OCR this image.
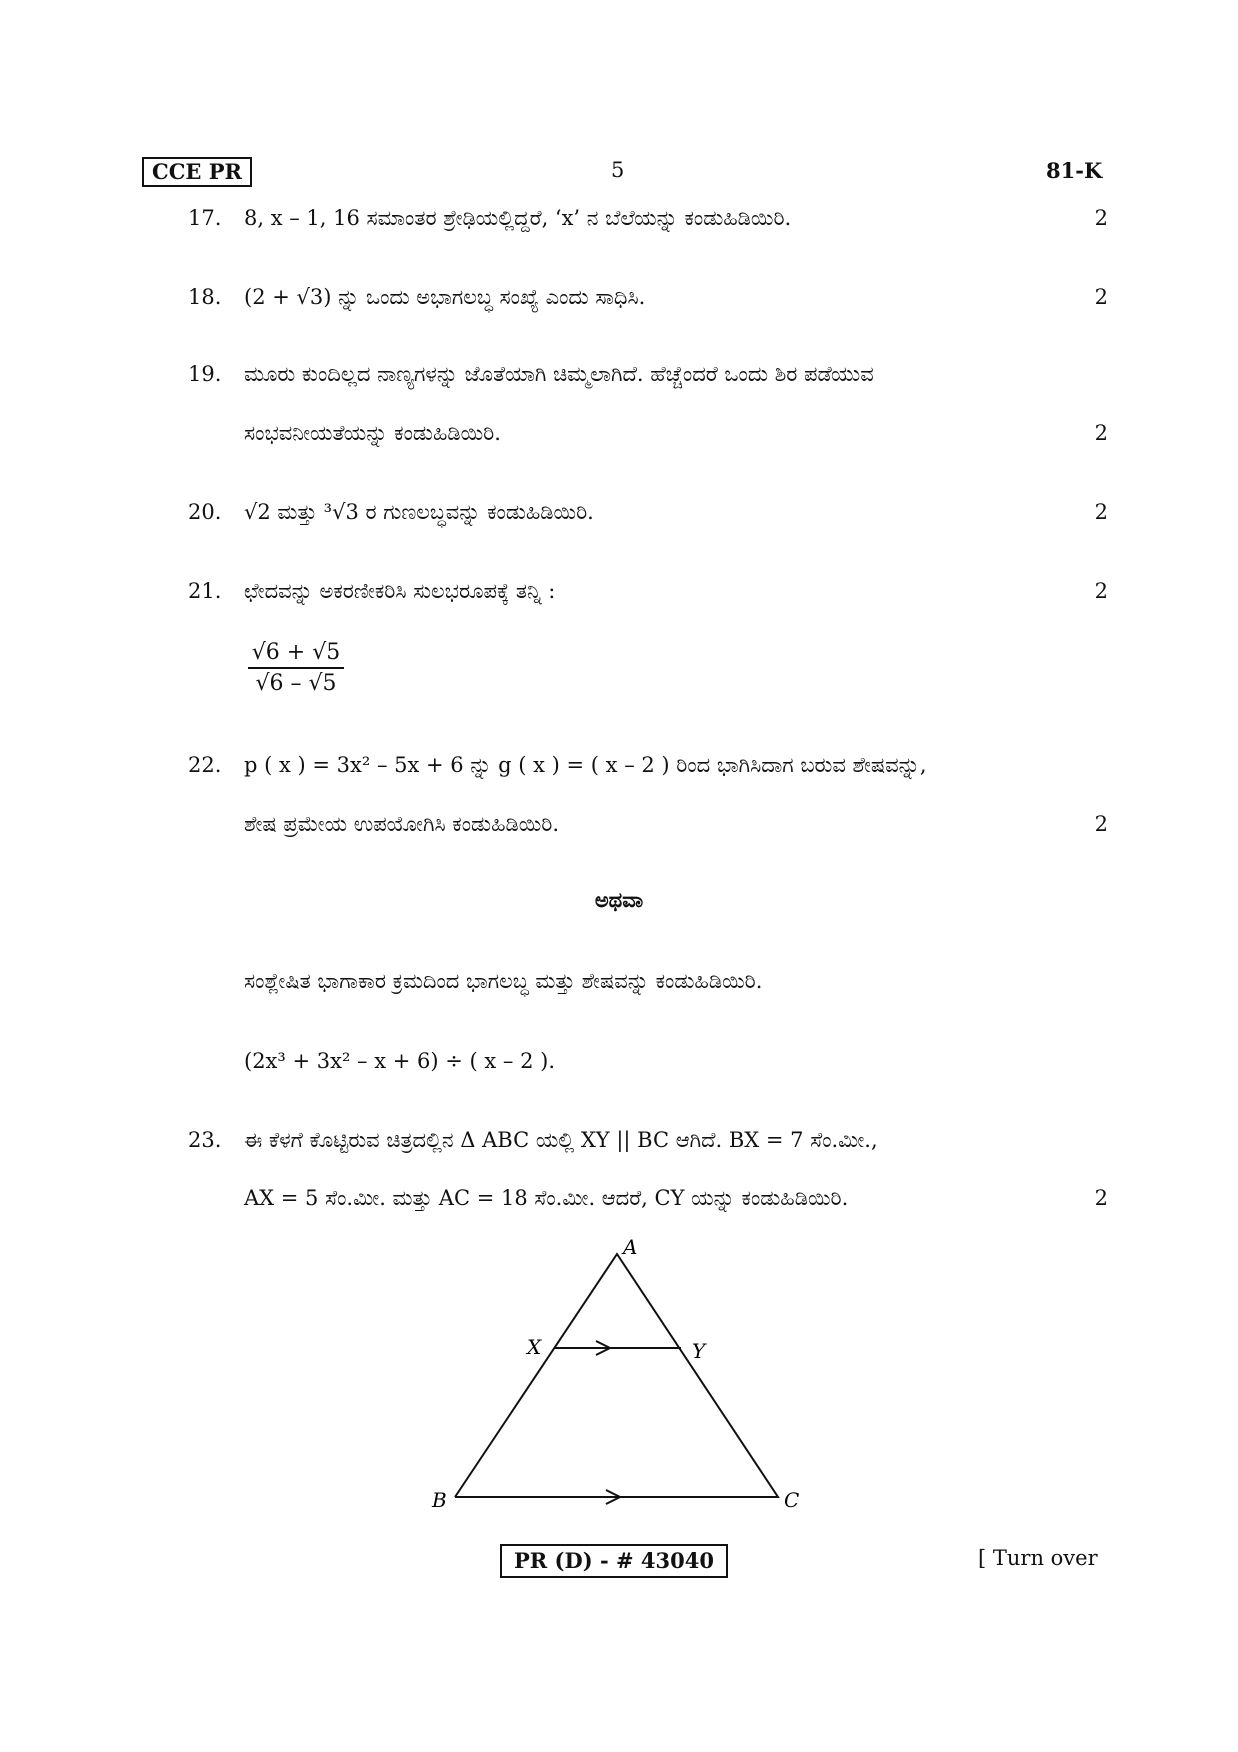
CCE PR	5	81-K
17. 8, x – 1, 16 ಸಮಾಂತರ ಶ್ರೇಢಿಯಲ್ಲಿದ್ದರೆ, ‘x’ ನ ಬೆಲೆಯನ್ನು ಕಂಡುಹಿಡಿಯಿರಿ.	2
18. (2 + √3) ನ್ನು ಒಂದು ಅಭಾಗಲಬ್ಧ ಸಂಖ್ಯೆ ಎಂದು ಸಾಧಿಸಿ.	2
19. ಮೂರು ಕುಂದಿಲ್ಲದ ನಾಣ್ಯಗಳನ್ನು ಜೊತೆಯಾಗಿ ಚಿಮ್ಮಲಾಗಿದೆ. ಹೆಚ್ಚೆಂದರೆ ಒಂದು ಶಿರ ಪಡೆಯುವ
ಸಂಭವನೀಯತೆಯನ್ನು ಕಂಡುಹಿಡಿಯಿರಿ.	2
20. √2 ಮತ್ತು ³√3 ರ ಗುಣಲಬ್ಧವನ್ನು ಕಂಡುಹಿಡಿಯಿರಿ.	2
21. ಛೇದವನ್ನು ಅಕರಣೀಕರಿಸಿ ಸುಲಭರೂಪಕ್ಕೆ ತನ್ನಿ :	2
$\frac{√6 + √5}{√6 - √5}$
22. p ( x ) = 3x² – 5x + 6 ನ್ನು g ( x ) = ( x – 2 ) ರಿಂದ ಭಾಗಿಸಿದಾಗ ಬರುವ ಶೇಷವನ್ನು,
ಶೇಷ ಪ್ರಮೇಯ ಉಪಯೋಗಿಸಿ ಕಂಡುಹಿಡಿಯಿರಿ.	2
ಅಥವಾ
ಸಂಶ್ಲೇಷಿತ ಭಾಗಾಕಾರ ಕ್ರಮದಿಂದ ಭಾಗಲಬ್ಧ ಮತ್ತು ಶೇಷವನ್ನು ಕಂಡುಹಿಡಿಯಿರಿ.
(2x³ + 3x² – x + 6) ÷ ( x – 2 ).
23. ಈ ಕೆಳಗೆ ಕೊಟ್ಟಿರುವ ಚಿತ್ರದಲ್ಲಿನ Δ ABC ಯಲ್ಲಿ XY || BC ಆಗಿದೆ. BX = 7 ಸೆಂ.ಮೀ.,
AX = 5 ಸೆಂ.ಮೀ. ಮತ್ತು AC = 18 ಸೆಂ.ಮೀ. ಆದರೆ, CY ಯನ್ನು ಕಂಡುಹಿಡಿಯಿರಿ.	2
A
X	Y
B	C
PR (D) - # 43040	[ Turn over
